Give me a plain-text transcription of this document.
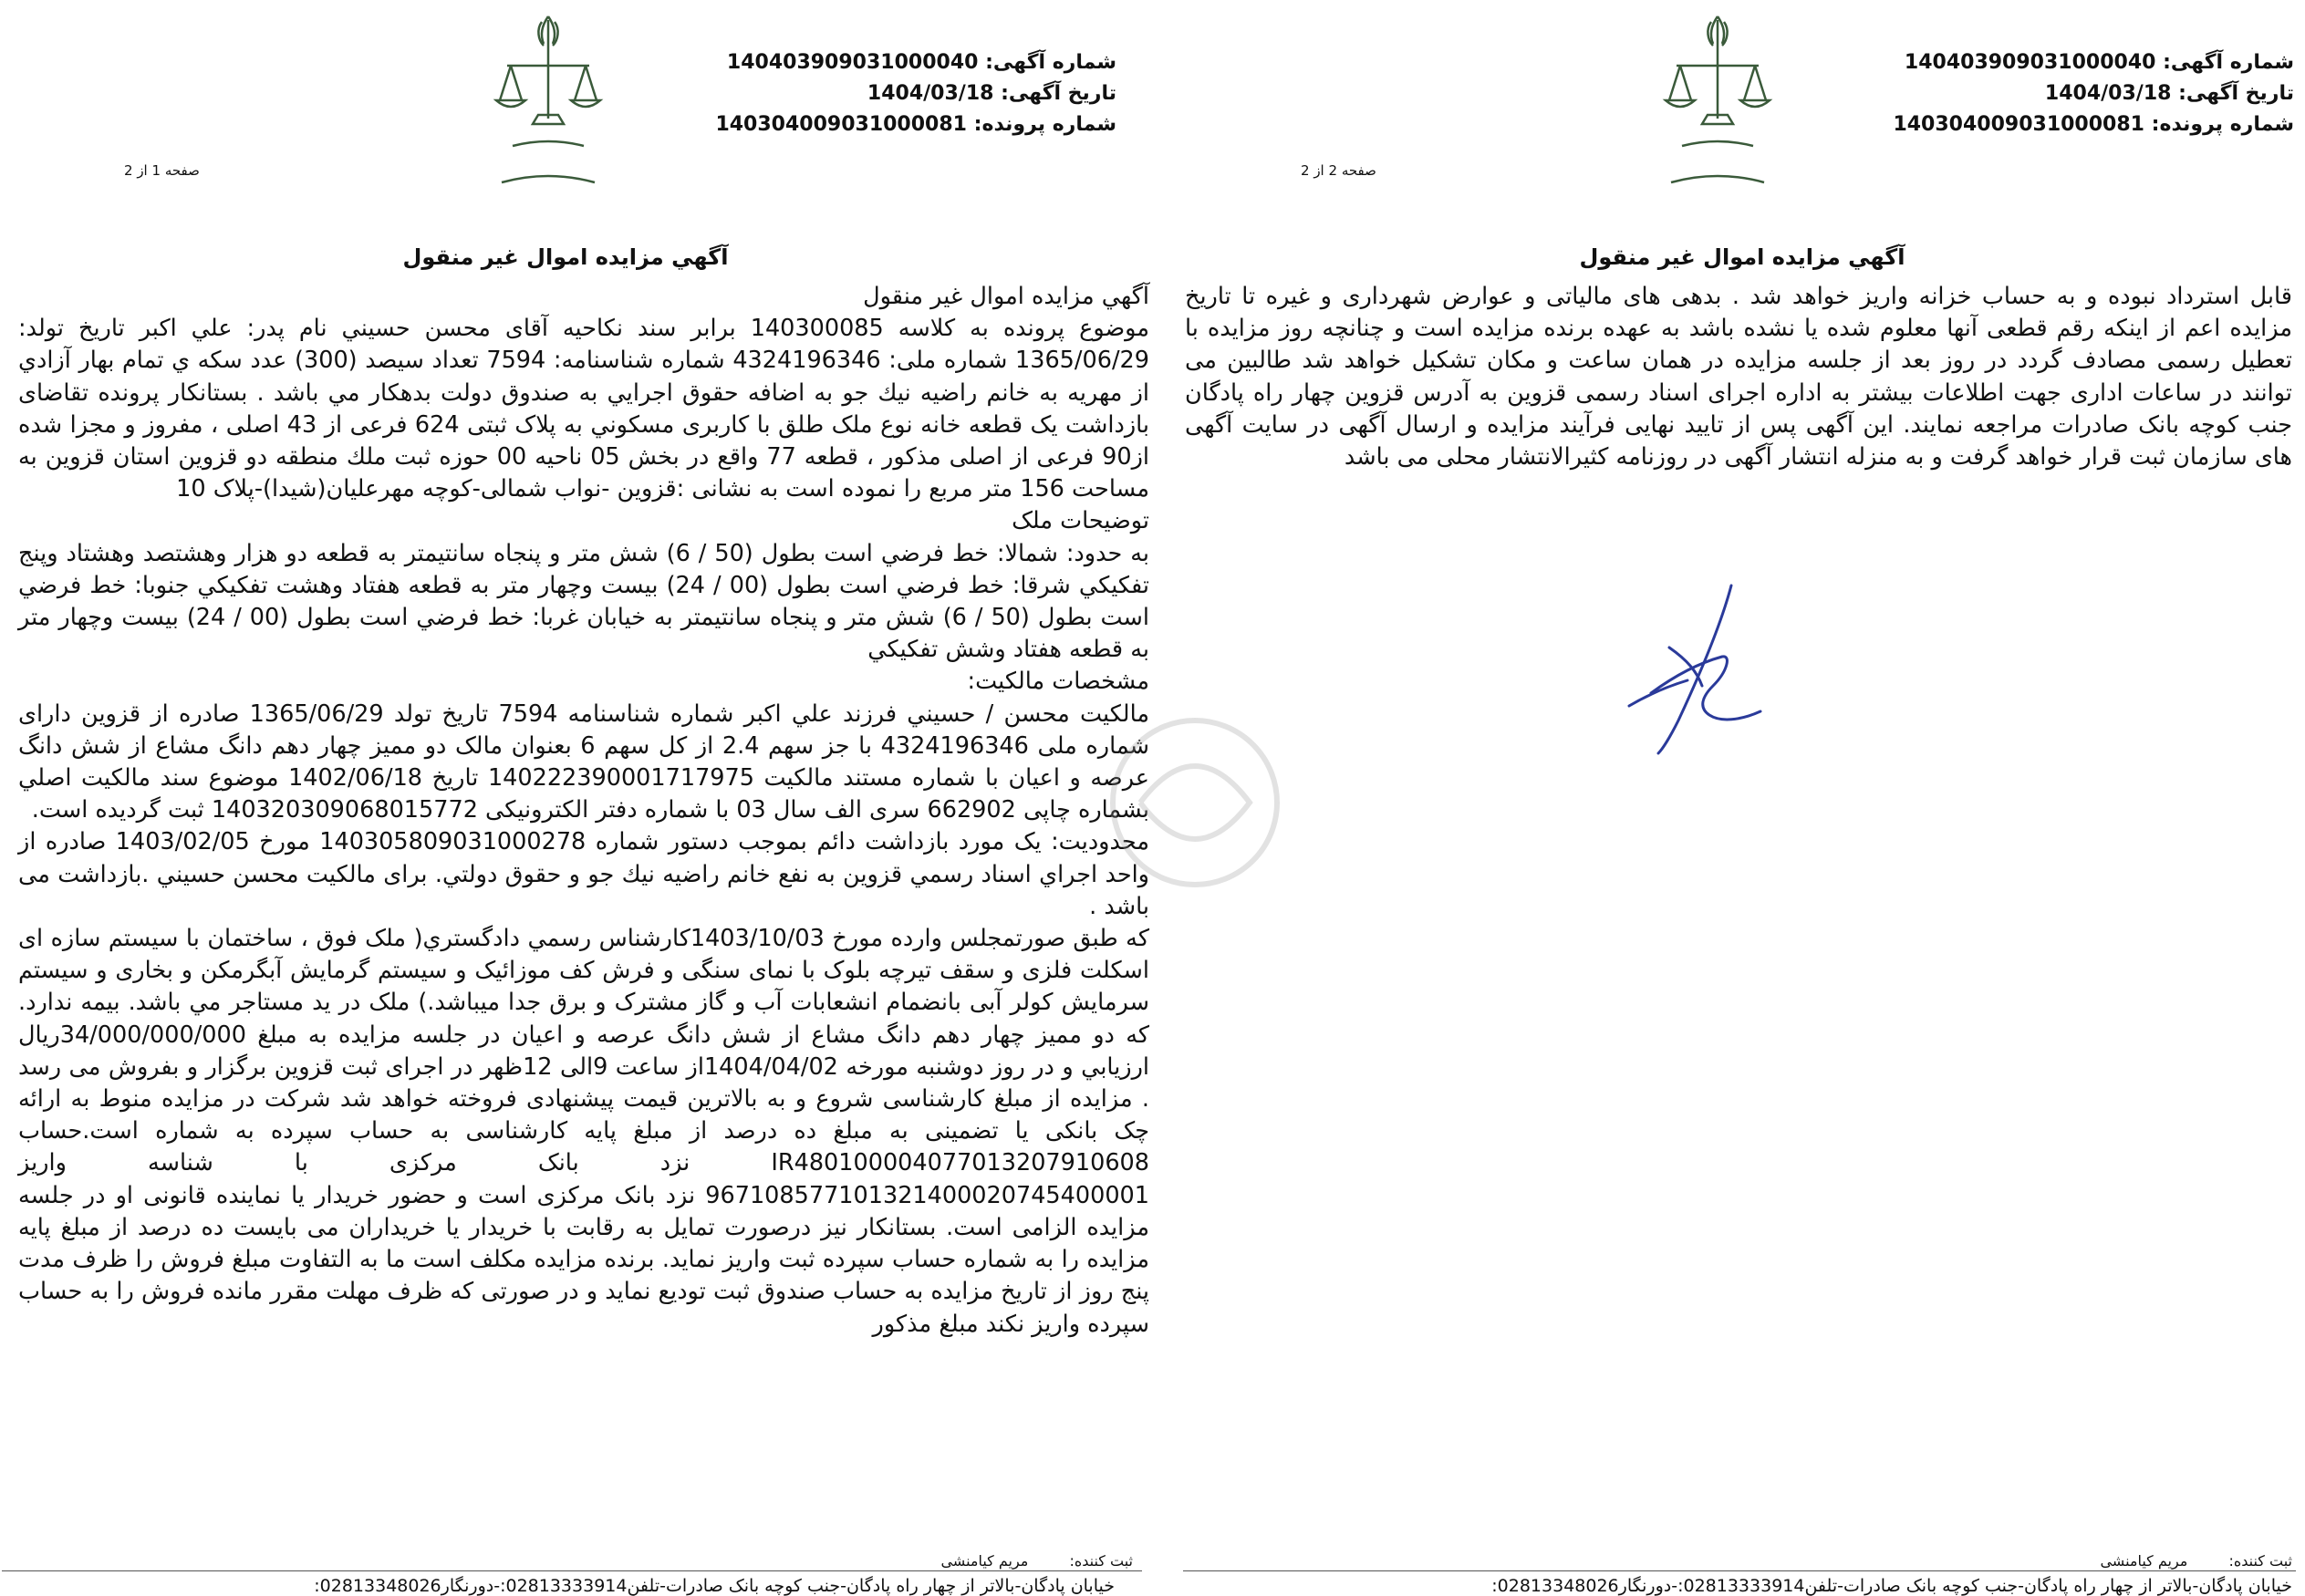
شماره آگهی: 140403909031000040
تاریخ آگهی: 1404/03/18
شماره پرونده: 140304009031000081
صفحه 2 از 2
آگهي مزايده اموال غير منقول

قابل استرداد نبوده و به حساب خزانه واریز خواهد شد . بدهی های مالیاتی و عوارض شهرداری و غیره تا تاریخ مزایده اعم از اینکه رقم قطعی آنها معلوم شده یا نشده باشد به عهده برنده مزایده است و چنانچه روز مزایده با تعطیل رسمی مصادف گردد در روز بعد از جلسه مزایده در همان ساعت و مکان تشکیل خواهد شد طالبین می توانند در ساعات اداری جهت اطلاعات بیشتر به اداره اجرای اسناد رسمی قزوین به آدرس قزوین چهار راه پادگان جنب کوچه بانک صادرات مراجعه نمایند. این آگهی پس از تایید نهایی فرآیند مزایده و ارسال آگهی در سایت آگهی های سازمان ثبت قرار خواهد گرفت و به منزله انتشار آگهی در روزنامه کثیرالانتشار محلی می باشد

ثبت کننده: مریم کیامنشی
خیابان پادگان-بالاتر از چهار راه پادگان-جنب کوچه بانک صادرات-تلفن02813333914:-دورنگار02813348026:
شماره آگهی: 140403909031000040
تاریخ آگهی: 1404/03/18
شماره پرونده: 140304009031000081
صفحه 1 از 2
آگهي مزايده اموال غير منقول

آگهي مزايده اموال غير منقول

موضوع پرونده به كلاسه 140300085 برابر سند نكاحيه آقای محسن حسيني نام پدر: علي اكبر تاريخ تولد: 1365/06/29 شماره ملی: 4324196346 شماره شناسنامه: 7594 تعداد سیصد (300) عدد سکه ي تمام بهار آزادي از مهريه به خانم راضيه نيك جو به اضافه حقوق اجرايي به صندوق دولت بدهكار مي باشد . بستانكار پرونده تقاضای بازداشت یک قطعه خانه نوع ملک طلق با کاربری مسکوني به پلاک ثبتی 624 فرعی از 43 اصلی ، مفروز و مجزا شده از90 فرعی از اصلی مذکور ، قطعه 77 واقع در بخش 05 ناحیه 00 حوزه ثبت ملك منطقه دو قزوين استان قزوین به مساحت 156 متر مربع را نموده است به نشانی :قزوین -نواب شمالی-کوچه مهرعلیان(شیدا)-پلاک 10

توضیحات ملک

به حدود: شمالا: خط فرضي است بطول (50 / 6) شش متر و پنجاه سانتيمتر به قطعه دو هزار وهشتصد وهشتاد وپنج تفكيكي شرقا: خط فرضي است بطول (00 / 24) بيست وچهار متر به قطعه هفتاد وهشت تفكيكي جنوبا: خط فرضي است بطول (50 / 6) شش متر و پنجاه سانتيمتر به خيابان غربا: خط فرضي است بطول (00 / 24) بيست وچهار متر به قطعه هفتاد وشش تفكيكي

مشخصات مالکیت:

مالکیت محسن / حسيني فرزند علي اكبر شماره شناسنامه 7594 تاریخ تولد 1365/06/29 صادره از قزوين دارای شماره ملی 4324196346 با جز سهم 2.4 از کل سهم 6 بعنوان مالک دو ممیز چهار دهم دانگ مشاع از شش دانگ عرصه و اعیان با شماره مستند مالکیت 140222390001717975 تاریخ 1402/06/18 موضوع سند مالكيت اصلي بشماره چاپی 662902 سری الف سال 03 با شماره دفتر الکترونیکی 140320309068015772 ثبت گردیده است.

محدودیت: یک مورد بازداشت دائم بموجب دستور شماره 140305809031000278 مورخ 1403/02/05 صادره از واحد اجراي اسناد رسمي قزوين به نفع خانم راضيه نيك جو و حقوق دولتي. برای مالکیت محسن حسيني .بازداشت می باشد .

که طبق صورتمجلس وارده مورخ 1403/10/03کارشناس رسمي دادگستري( ملک فوق ، ساختمان با سیستم سازه ای اسکلت فلزی و سقف تیرچه بلوک با نمای سنگی و فرش کف موزائیک و سیستم گرمایش آبگرمکن و بخاری و سیستم سرمایش کولر آبی بانضمام انشعابات آب و گاز مشترک و برق جدا میباشد.) ملک در ید مستاجر مي باشد. بيمه ندارد. كه دو مميز چهار دهم دانگ مشاع از شش دانگ عرصه و اعيان در جلسه مزایده به مبلغ 34/000/000/000ريال ارزيابي و در روز دوشنبه مورخه 1404/04/02از ساعت 9الی 12ظهر در اجرای ثبت قزوین برگزار و بفروش می رسد . مزایده از مبلغ کارشناسی شروع و به بالاترین قیمت پیشنهادی فروخته خواهد شد شرکت در مزایده منوط به ارائه چک بانکی یا تضمینی به مبلغ ده درصد از مبلغ پایه کارشناسی به حساب سپرده به شماره است.حساب IR480100004077013207910608 نزد بانک مرکزی با شناسه واریز 967108577101321400020745400001 نزد بانک مرکزی است و حضور خریدار یا نماینده قانونی او در جلسه مزایده الزامی است. بستانکار نیز درصورت تمایل به رقابت با خریدار یا خریداران می بایست ده درصد از مبلغ پایه مزایده را به شماره حساب سپرده ثبت واریز نماید. برنده مزایده مکلف است ما به التفاوت مبلغ فروش را ظرف مدت پنج روز از تاریخ مزایده به حساب صندوق ثبت تودیع نماید و در صورتی که ظرف مهلت مقرر مانده فروش را به حساب سپرده واریز نکند مبلغ مذکور

ثبت کننده: مریم کیامنشی
خیابان پادگان-بالاتر از چهار راه پادگان-جنب کوچه بانک صادرات-تلفن02813333914:-دورنگار02813348026:
